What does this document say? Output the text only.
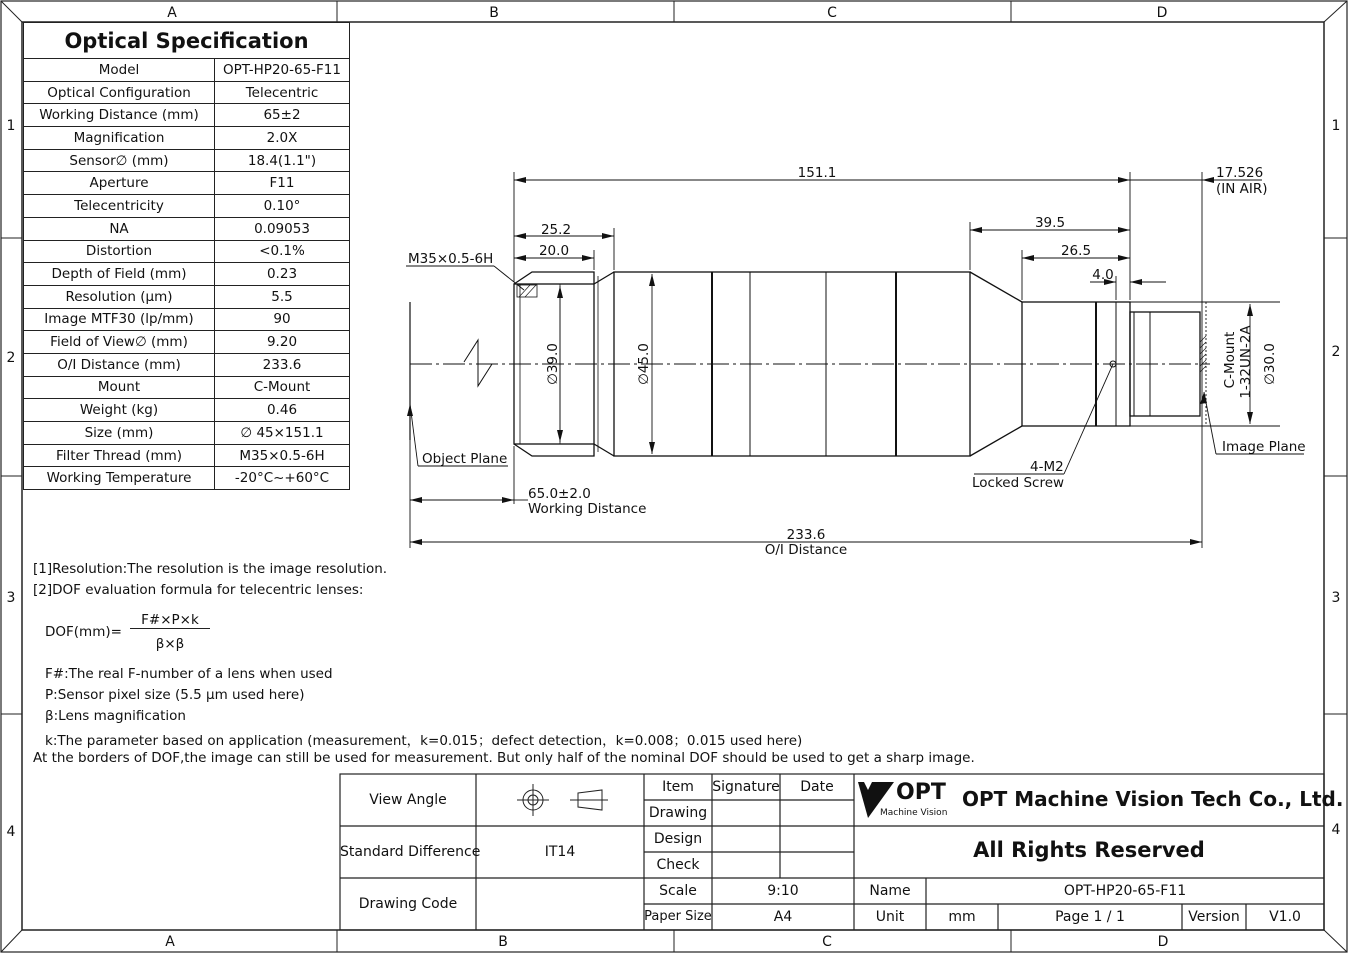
A	B	C	D
A	B	C	D
1
2
3
4
1
2
3
4
151.1	17.526
(IN AIR)
25.2
20.0
39.5
26.5
4.0
M35×0.5-6H
∅39.0	∅45.0	∅30.0
C-Mount 1-32UN-2A
Object Plane
Image Plane
4-M2
Locked Screw
65.0±2.0
Working Distance
233.6
O/I Distance
Optical Specification	
Model	OPT-HP20-65-F11
Optical Configuration	Telecentric
Working Distance (mm)	65±2
Magnification	2.0X
Sensor∅ (mm)	18.4(1.1")
Aperture	F11
Telecentricity	0.10°
NA	0.09053
Distortion	<0.1%
Depth of Field (mm)	0.23
Resolution (μm)	5.5
Image MTF30 (lp/mm)	90
Field of View∅ (mm)	9.20
O/I Distance (mm)	233.6
Mount	C-Mount
Weight (kg)	0.46
Size (mm)	∅ 45×151.1
Filter Thread (mm)	M35×0.5-6H
Working Temperature	-20°C~+60°C
[1]Resolution:The resolution is the image resolution.
[2]DOF evaluation formula for telecentric lenses:
DOF(mm)=
F#×P×k
β×β
F#:The real F-number of a lens when used
P:Sensor pixel size (5.5 μm used here)
β:Lens magnification
k:The parameter based on application (measurement，k=0.015；defect detection，k=0.008；0.015 used here)
At the borders of DOF,the image can still be used for measurement. But only half of the nominal DOF should be used to get a sharp image.
View Angle
Standard Difference	IT14
Drawing Code
Item	Signature	Date
Drawing
Design
Check
Scale	9:10
Paper Size	A4
OPT
Machine Vision
OPT Machine Vision Tech Co., Ltd.
All Rights Reserved
Name	OPT-HP20-65-F11
Unit	mm	Page 1 / 1	Version	V1.0
